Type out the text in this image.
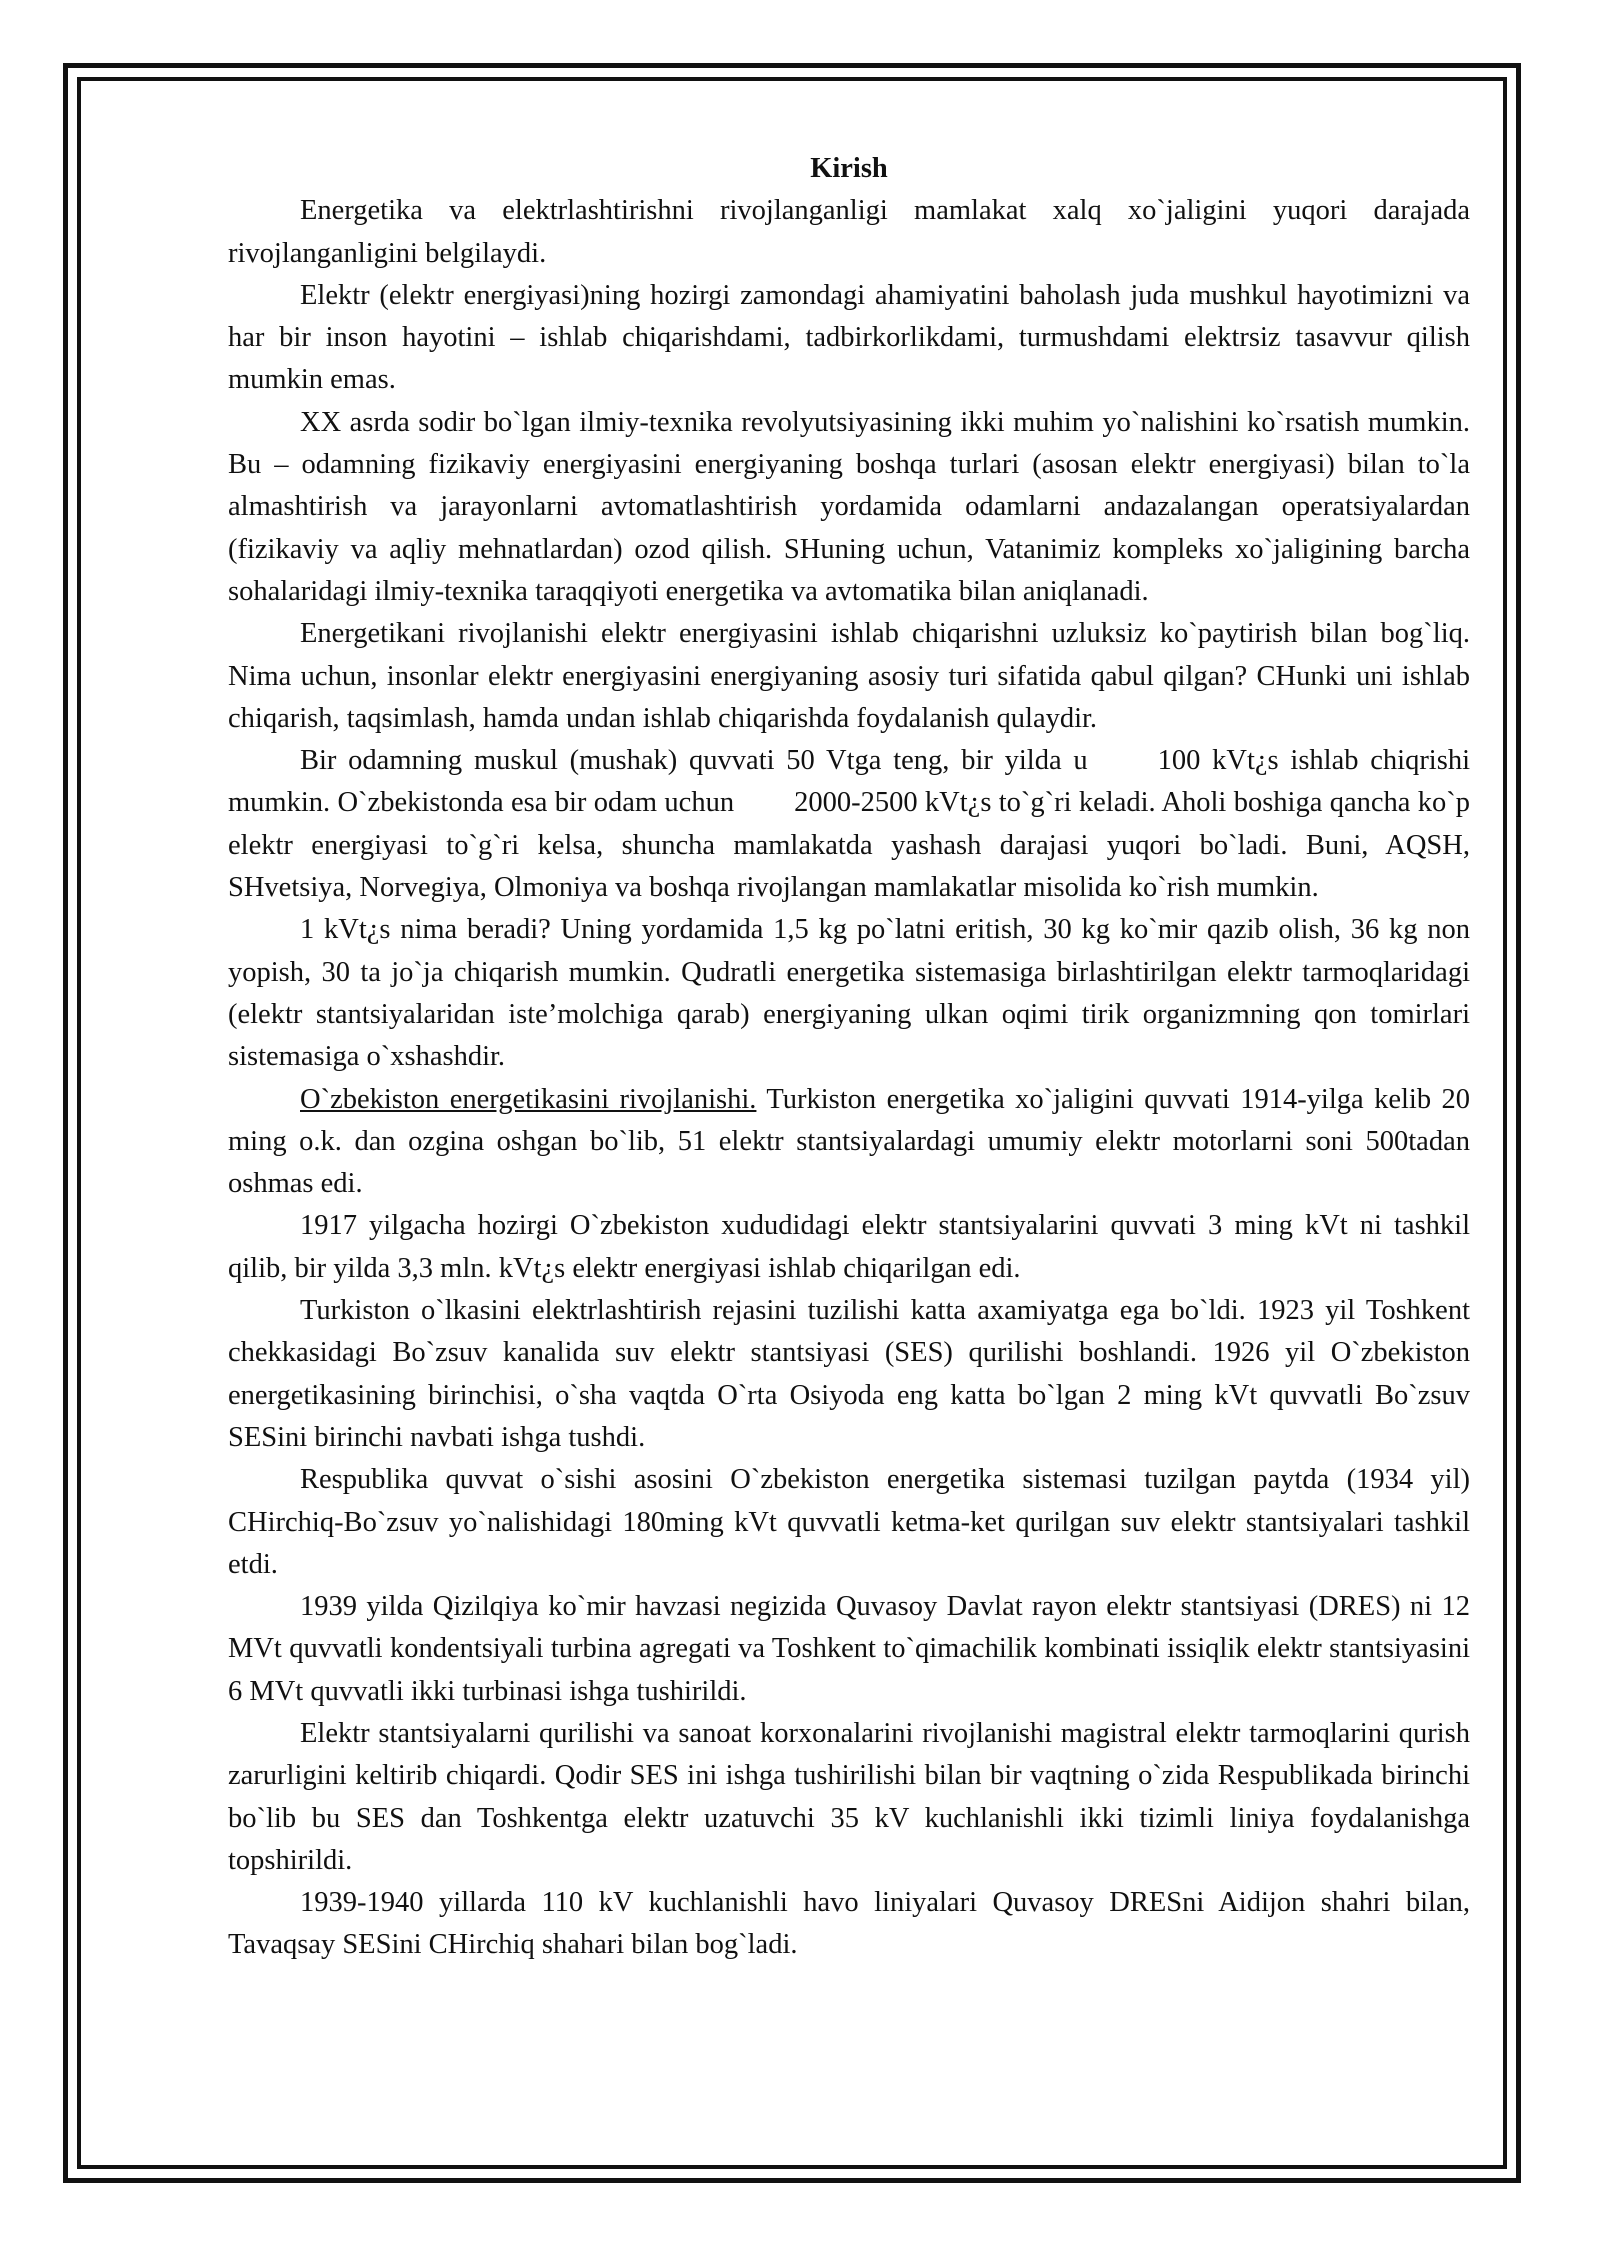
Kirish

Energetika va elektrlashtirishni rivojlanganligi mamlakat xalq xo`jaligini yuqori darajada rivojlanganligini belgilaydi.

Elektr (elektr energiyasi)ning hozirgi zamondagi ahamiyatini baholash juda mushkul hayotimizni va har bir inson hayotini – ishlab chiqarishdami, tadbirkorlikdami, turmushdami elektrsiz tasavvur qilish mumkin emas.

XX asrda sodir bo`lgan ilmiy-texnika revolyutsiyasining ikki muhim yo`nalishini ko`rsatish mumkin. Bu – odamning fizikaviy energiyasini energiyaning boshqa turlari (asosan elektr energiyasi) bilan to`la almashtirish va jarayonlarni avtomatlashtirish yordamida odamlarni andazalangan operatsiyalardan (fizikaviy va aqliy mehnatlardan) ozod qilish. SHuning uchun, Vatanimiz kompleks xo`jaligining barcha sohalaridagi ilmiy-texnika taraqqiyoti energetika va avtomatika bilan aniqlanadi.

Energetikani rivojlanishi elektr energiyasini ishlab chiqarishni uzluksiz ko`paytirish bilan bog`liq. Nima uchun, insonlar elektr energiyasini energiyaning asosiy turi sifatida qabul qilgan? CHunki uni ishlab chiqarish, taqsimlash, hamda undan ishlab chiqarishda foydalanish qulaydir.

Bir odamning muskul (mushak) quvvati 50 Vtga teng, bir yilda u 100 kVt¿s ishlab chiqrishi mumkin. O`zbekistonda esa bir odam uchun 2000-2500 kVt¿s to`g`ri keladi. Aholi boshiga qancha ko`p elektr energiyasi to`g`ri kelsa, shuncha mamlakatda yashash darajasi yuqori bo`ladi. Buni, AQSH, SHvetsiya, Norvegiya, Olmoniya va boshqa rivojlangan mamlakatlar misolida ko`rish mumkin.

1 kVt¿s nima beradi? Uning yordamida 1,5 kg po`latni eritish, 30 kg ko`mir qazib olish, 36 kg non yopish, 30 ta jo`ja chiqarish mumkin. Qudratli energetika sistemasiga birlashtirilgan elektr tarmoqlaridagi (elektr stantsiyalaridan iste’molchiga qarab) energiyaning ulkan oqimi tirik organizmning qon tomirlari sistemasiga o`xshashdir.

O`zbekiston energetikasini rivojlanishi. Turkiston energetika xo`jaligini quvvati 1914-yilga kelib 20 ming o.k. dan ozgina oshgan bo`lib, 51 elektr stantsiyalardagi umumiy elektr motorlarni soni 500tadan oshmas edi.

1917 yilgacha hozirgi O`zbekiston xududidagi elektr stantsiyalarini quvvati 3 ming kVt ni tashkil qilib, bir yilda 3,3 mln. kVt¿s elektr energiyasi ishlab chiqarilgan edi.

Turkiston o`lkasini elektrlashtirish rejasini tuzilishi katta axamiyatga ega bo`ldi. 1923 yil Toshkent chekkasidagi Bo`zsuv kanalida suv elektr stantsiyasi (SES) qurilishi boshlandi. 1926 yil O`zbekiston energetikasining birinchisi, o`sha vaqtda O`rta Osiyoda eng katta bo`lgan 2 ming kVt quvvatli Bo`zsuv SESini birinchi navbati ishga tushdi.

Respublika quvvat o`sishi asosini O`zbekiston energetika sistemasi tuzilgan paytda (1934 yil) CHirchiq-Bo`zsuv yo`nalishidagi 180ming kVt quvvatli ketma-ket qurilgan suv elektr stantsiyalari tashkil etdi.

1939 yilda Qizilqiya ko`mir havzasi negizida Quvasoy Davlat rayon elektr stantsiyasi (DRES) ni 12 MVt quvvatli kondentsiyali turbina agregati va Toshkent to`qimachilik kombinati issiqlik elektr stantsiyasini 6 MVt quvvatli ikki turbinasi ishga tushirildi.

Elektr stantsiyalarni qurilishi va sanoat korxonalarini rivojlanishi magistral elektr tarmoqlarini qurish zarurligini keltirib chiqardi. Qodir SES ini ishga tushirilishi bilan bir vaqtning o`zida Respublikada birinchi bo`lib bu SES dan Toshkentga elektr uzatuvchi 35 kV kuchlanishli ikki tizimli liniya foydalanishga topshirildi.

1939-1940 yillarda 110 kV kuchlanishli havo liniyalari Quvasoy DRESni Aidijon shahri bilan, Tavaqsay SESini CHirchiq shahari bilan bog`ladi.
